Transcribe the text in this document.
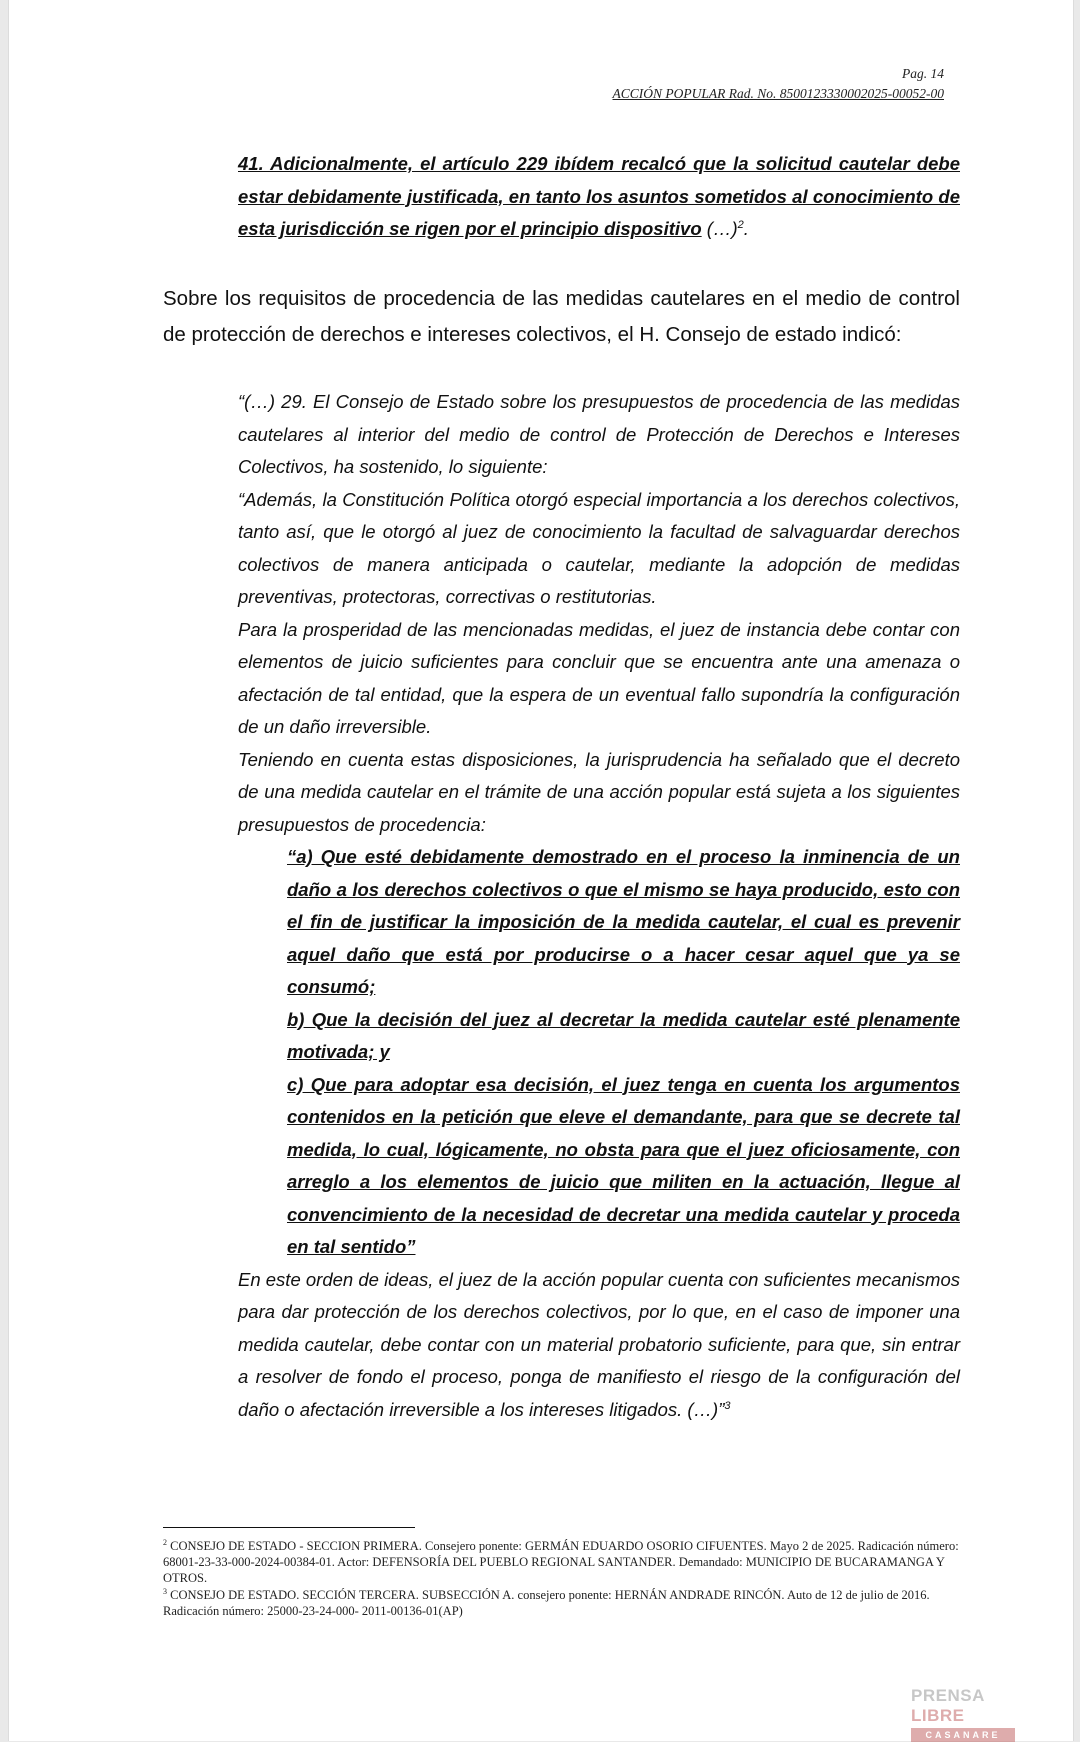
Pag. 14
ACCIÓN POPULAR Rad. No. 8500123330002025-00052-00
41. Adicionalmente, el artículo 229 ibídem recalcó que la solicitud cautelar debe estar debidamente justificada, en tanto los asuntos sometidos al conocimiento de esta jurisdicción se rigen por el principio dispositivo (…)$^2$.
Sobre los requisitos de procedencia de las medidas cautelares en el medio de control de protección de derechos e intereses colectivos, el H. Consejo de estado indicó:
“(…) 29. El Consejo de Estado sobre los presupuestos de procedencia de las medidas cautelares al interior del medio de control de Protección de Derechos e Intereses Colectivos, ha sostenido, lo siguiente:
“Además, la Constitución Política otorgó especial importancia a los derechos colectivos, tanto así, que le otorgó al juez de conocimiento la facultad de salvaguardar derechos colectivos de manera anticipada o cautelar, mediante la adopción de medidas preventivas, protectoras, correctivas o restitutorias.
Para la prosperidad de las mencionadas medidas, el juez de instancia debe contar con elementos de juicio suficientes para concluir que se encuentra ante una amenaza o afectación de tal entidad, que la espera de un eventual fallo supondría la configuración de un daño irreversible.
Teniendo en cuenta estas disposiciones, la jurisprudencia ha señalado que el decreto de una medida cautelar en el trámite de una acción popular está sujeta a los siguientes presupuestos de procedencia:
“a) Que esté debidamente demostrado en el proceso la inminencia de un daño a los derechos colectivos o que el mismo se haya producido, esto con el fin de justificar la imposición de la medida cautelar, el cual es prevenir aquel daño que está por producirse o a hacer cesar aquel que ya se consumó;
b) Que la decisión del juez al decretar la medida cautelar esté plenamente motivada; y
c) Que para adoptar esa decisión, el juez tenga en cuenta los argumentos contenidos en la petición que eleve el demandante, para que se decrete tal medida, lo cual, lógicamente, no obsta para que el juez oficiosamente, con arreglo a los elementos de juicio que militen en la actuación, llegue al convencimiento de la necesidad de decretar una medida cautelar y proceda en tal sentido”
En este orden de ideas, el juez de la acción popular cuenta con suficientes mecanismos para dar protección de los derechos colectivos, por lo que, en el caso de imponer una medida cautelar, debe contar con un material probatorio suficiente, para que, sin entrar a resolver de fondo el proceso, ponga de manifiesto el riesgo de la configuración del daño o afectación irreversible a los intereses litigados. (…)”$^3$

$^2$ CONSEJO DE ESTADO - SECCION PRIMERA. Consejero ponente: GERMÁN EDUARDO OSORIO CIFUENTES. Mayo 2 de 2025. Radicación número: 68001-23-33-000-2024-00384-01. Actor: DEFENSORÍA DEL PUEBLO REGIONAL SANTANDER. Demandado: MUNICIPIO DE BUCARAMANGA Y OTROS.

$^3$ CONSEJO DE ESTADO. SECCIÓN TERCERA. SUBSECCIÓN A. consejero ponente: HERNÁN ANDRADE RINCÓN. Auto de 12 de julio de 2016. Radicación número: 25000-23-24-000- 2011-00136-01(AP)

PRENSA LIBRE
CASANARE
